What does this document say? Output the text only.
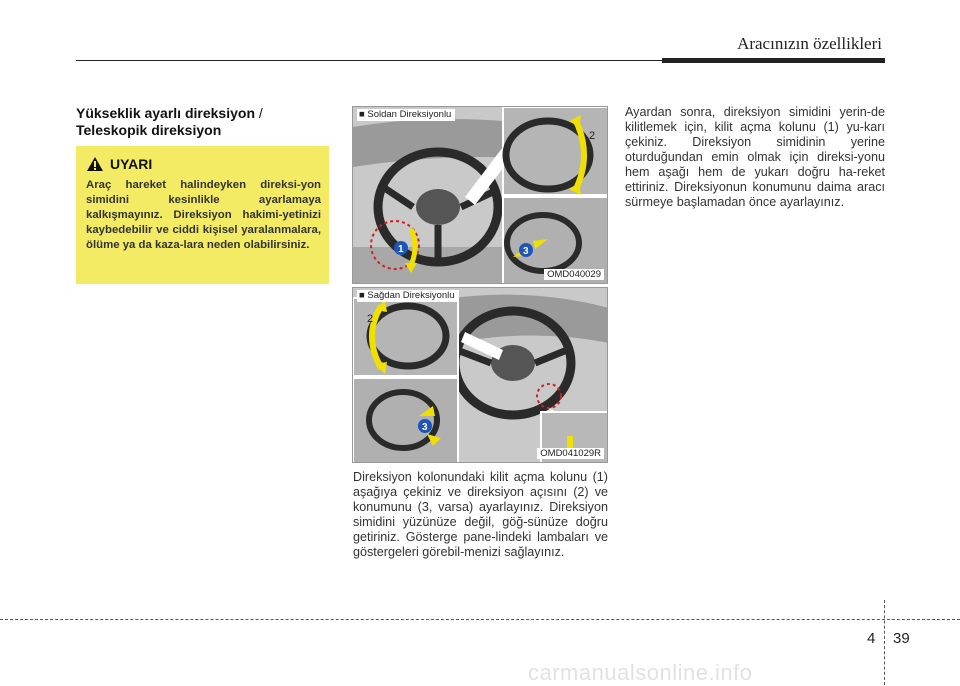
Aracınızın özellikleri
Yükseklik ayarlı direksiyon /
Teleskopik direksiyon
UYARI
Araç hareket halindeyken direksi-yon simidini kesinlikle ayarlamaya kalkışmayınız. Direksiyon hakimi-yetinizi kaybedebilir ve ciddi kişisel yaralanmalara, ölüme ya da kaza-lara neden olabilirsiniz.	1
2
3
■ Soldan Direksiyonlu
OMD040029
2
3
■ Sağdan Direksiyonlu
OMD041029R
Direksiyon kolonundaki kilit açma kolunu (1) aşağıya çekiniz ve direksiyon açısını (2) ve konumunu (3, varsa) ayarlayınız. Direksiyon simidini yüzünüze değil, göğ-sünüze doğru getiriniz. Gösterge pane-lindeki lambaları ve göstergeleri görebil-menizi sağlayınız.
Ayardan sonra, direksiyon simidini yerin-de kilitlemek için, kilit açma kolunu (1) yu-karı çekiniz. Direksiyon simidinin yerine oturduğundan emin olmak için direksi-yonu hem aşağı hem de yukarı doğru ha-reket ettiriniz. Direksiyonun konumunu daima aracı sürmeye başlamadan önce ayarlayınız.
4 39
carmanualsonline.info
